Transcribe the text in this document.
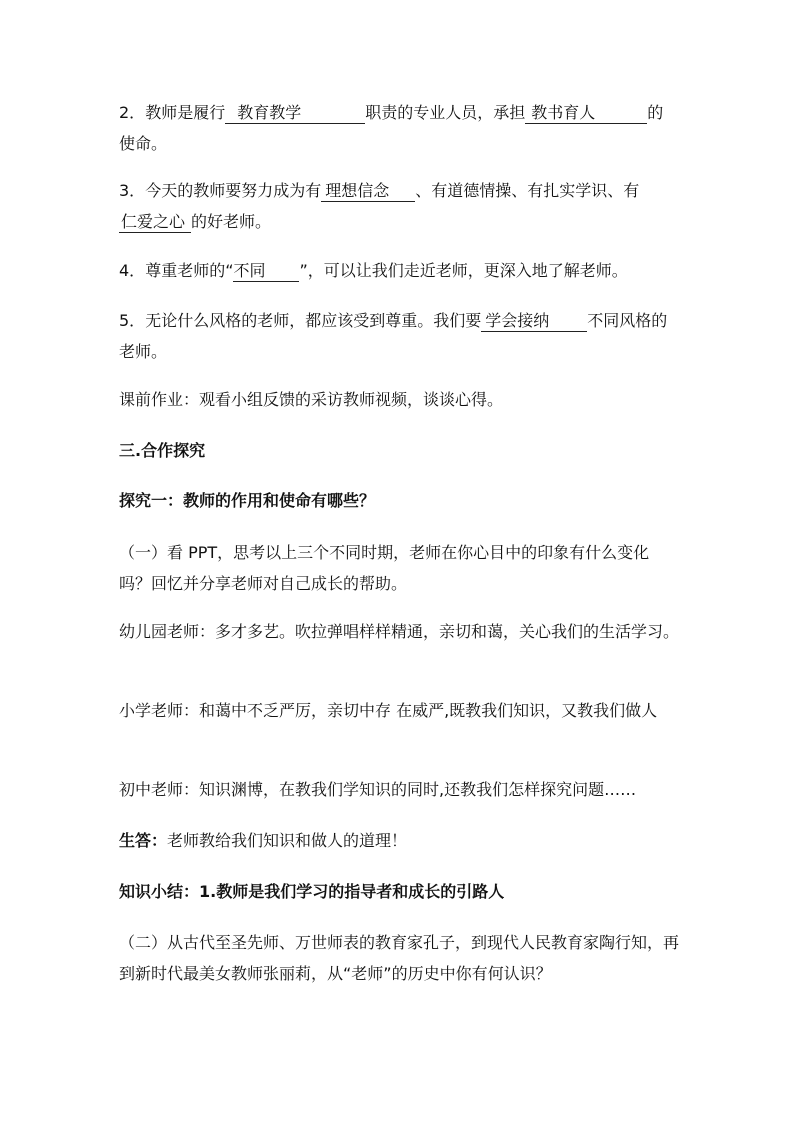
2．教师是履行 教育教学	职责的专业人员，承担 教书育人	的使命。

3．今天的教师要努力成为有 理想信念 、有道德情操、有扎实学识、有仁爱之心 的好老师。

4．尊重老师的“不同 ”，可以让我们走近老师，更深入地了解老师。

5．无论什么风格的老师，都应该受到尊重。我们要 学会接纳 不同风格的老师。

课前作业：观看小组反馈的采访教师视频，谈谈心得。

三.合作探究

探究一：教师的作用和使命有哪些？

（一）看 PPT，思考以上三个不同时期，老师在你心目中的印象有什么变化吗？回忆并分享老师对自己成长的帮助。

幼儿园老师：多才多艺。吹拉弹唱样样精通，亲切和蔼，关心我们的生活学习。

小学老师：和蔼中不乏严厉，亲切中存 在威严,既教我们知识，又教我们做人

初中老师：知识渊博，在教我们学知识的同时,还教我们怎样探究问题……

生答：老师教给我们知识和做人的道理！

知识小结：1.教师是我们学习的指导者和成长的引路人

（二）从古代至圣先师、万世师表的教育家孔子，到现代人民教育家陶行知，再到新时代最美女教师张丽莉，从“老师”的历史中你有何认识？
